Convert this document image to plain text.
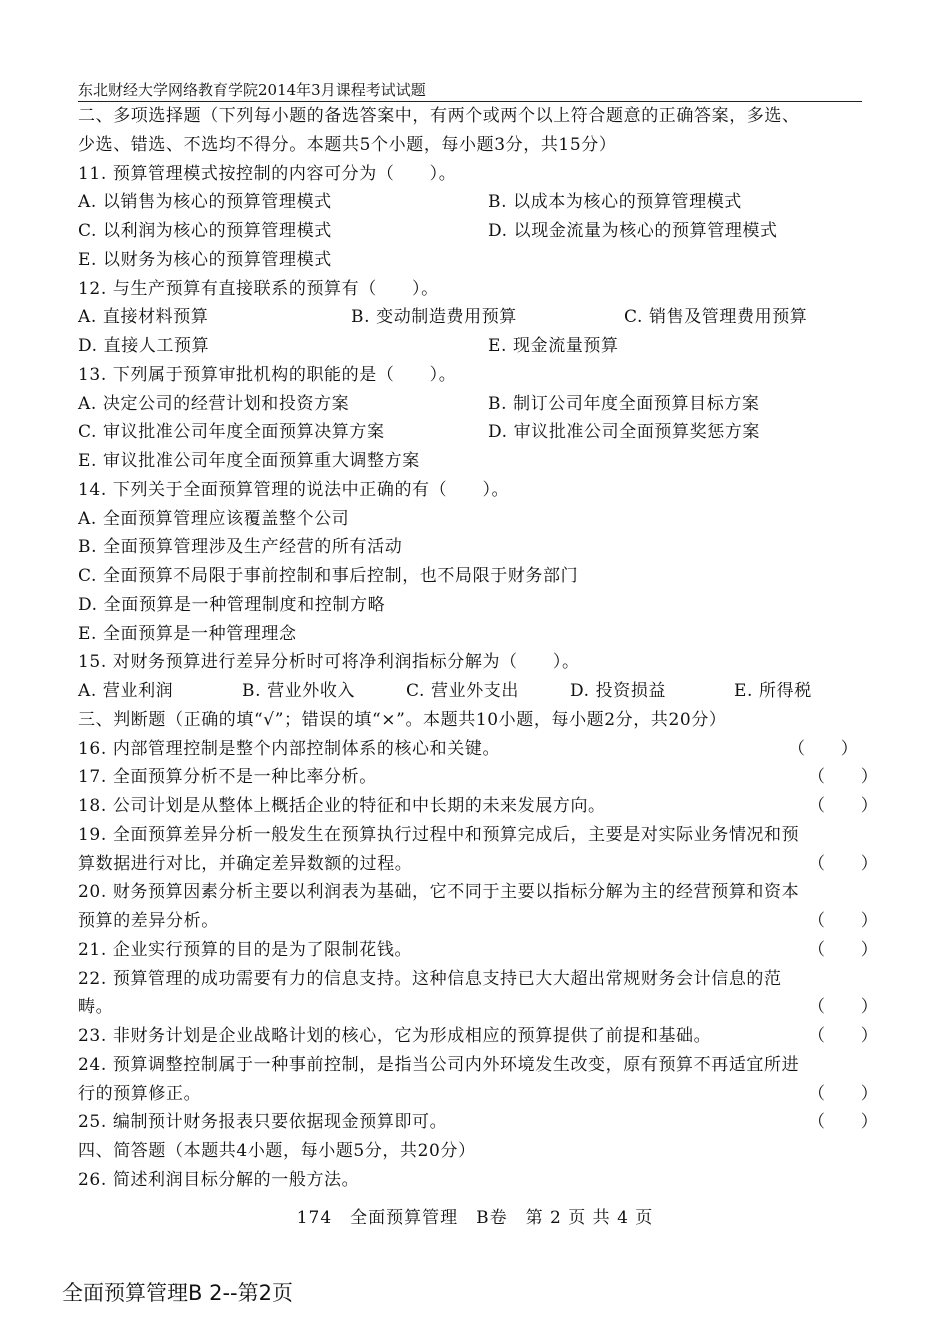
东北财经大学网络教育学院2014年3月课程考试试题
二、多项选择题（下列每小题的备选答案中，有两个或两个以上符合题意的正确答案，多选、
少选、错选、不选均不得分。本题共5个小题，每小题3分，共15分）
11. 预算管理模式按控制的内容可分为（　　）。
A. 以销售为核心的预算管理模式	B. 以成本为核心的预算管理模式
C. 以利润为核心的预算管理模式	D. 以现金流量为核心的预算管理模式
E. 以财务为核心的预算管理模式
12. 与生产预算有直接联系的预算有（　　）。
A. 直接材料预算	B. 变动制造费用预算	C. 销售及管理费用预算
D. 直接人工预算	E. 现金流量预算
13. 下列属于预算审批机构的职能的是（　　）。
A. 决定公司的经营计划和投资方案	B. 制订公司年度全面预算目标方案
C. 审议批准公司年度全面预算决算方案	D. 审议批准公司全面预算奖惩方案
E. 审议批准公司年度全面预算重大调整方案
14. 下列关于全面预算管理的说法中正确的有（　　）。
A. 全面预算管理应该覆盖整个公司
B. 全面预算管理涉及生产经营的所有活动
C. 全面预算不局限于事前控制和事后控制，也不局限于财务部门
D. 全面预算是一种管理制度和控制方略
E. 全面预算是一种管理理念
15. 对财务预算进行差异分析时可将净利润指标分解为（　　）。
A. 营业利润	B. 营业外收入	C. 营业外支出	D. 投资损益	E. 所得税
三、判断题（正确的填“√”；错误的填“×”。本题共10小题，每小题2分，共20分）
16. 内部管理控制是整个内部控制体系的核心和关键。	（　　）
17. 全面预算分析不是一种比率分析。	（　　）
18. 公司计划是从整体上概括企业的特征和中长期的未来发展方向。	（　　）
19. 全面预算差异分析一般发生在预算执行过程中和预算完成后，主要是对实际业务情况和预
算数据进行对比，并确定差异数额的过程。	（　　）
20. 财务预算因素分析主要以利润表为基础，它不同于主要以指标分解为主的经营预算和资本
预算的差异分析。	（　　）
21. 企业实行预算的目的是为了限制花钱。	（　　）
22. 预算管理的成功需要有力的信息支持。这种信息支持已大大超出常规财务会计信息的范
畴。	（　　）
23. 非财务计划是企业战略计划的核心，它为形成相应的预算提供了前提和基础。	（　　）
24. 预算调整控制属于一种事前控制，是指当公司内外环境发生改变，原有预算不再适宜所进
行的预算修正。	（　　）
25. 编制预计财务报表只要依据现金预算即可。	（　　）
四、简答题（本题共4小题，每小题5分，共20分）
26. 简述利润目标分解的一般方法。
174　全面预算管理　B卷　第 2 页 共 4 页
全面预算管理B 2--第2页
